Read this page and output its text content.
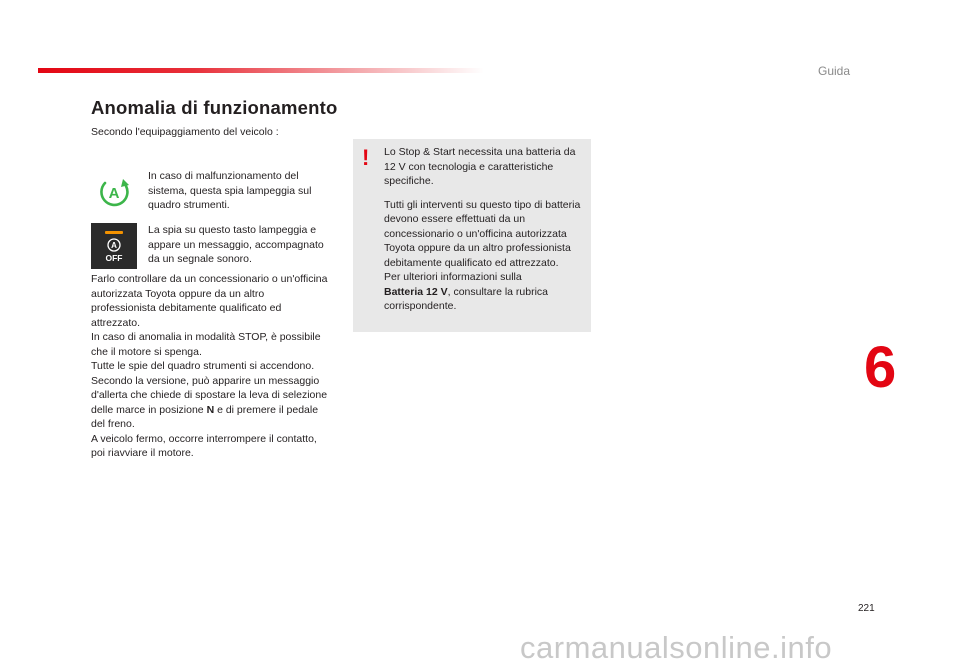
Guida
Anomalia di funzionamento
Secondo l'equipaggiamento del veicolo :
A
In caso di malfunzionamento del sistema, questa spia lampeggia sul quadro strumenti.
A
OFF
La spia su questo tasto lampeggia e appare un messaggio, accompagnato da un segnale sonoro.

Farlo controllare da un concessionario o un'officina autorizzata Toyota oppure da un altro professionista debitamente qualificato ed attrezzato.

In caso di anomalia in modalità STOP, è possibile che il motore si spenga.

Tutte le spie del quadro strumenti si accendono.

Secondo la versione, può apparire un messaggio d'allerta che chiede di spostare la leva di selezione delle marce in posizione N e di premere il pedale del freno.

A veicolo fermo, occorre interrompere il contatto, poi riavviare il motore.

! Lo Stop & Start necessita una batteria da 12 V con tecnologia e caratteristiche specifiche.

Tutti gli interventi su questo tipo di batteria devono essere effettuati da un concessionario o un'officina autorizzata Toyota oppure da un altro professionista debitamente qualificato ed attrezzato.
Per ulteriori informazioni sulla
Batteria 12 V, consultare la rubrica corrispondente.

6
221
carmanualsonline.info
